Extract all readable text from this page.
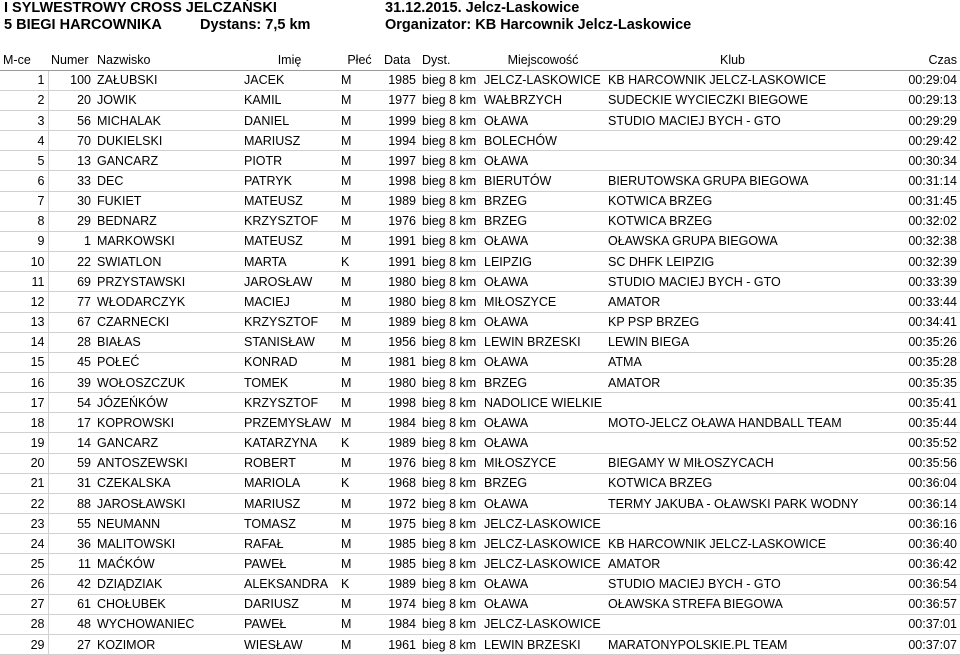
I SYLWESTROWY CROSS JELCZAŃSKI	31.12.2015. Jelcz-Laskowice
5 BIEGI HARCOWNIKA	Dystans: 7,5 km	Organizator: KB Harcownik Jelcz-Laskowice
M-ce	Numer	Nazwisko	Imię	Płeć	Data	Dyst.	Miejscowość	Klub	Czas
1	100	ZAŁUBSKI	JACEK	M	1985	bieg 8 km	JELCZ-LASKOWICE	KB HARCOWNIK JELCZ-LASKOWICE	00:29:04
2	20	JOWIK	KAMIL	M	1977	bieg 8 km	WAŁBRZYCH	SUDECKIE WYCIECZKI BIEGOWE	00:29:13
3	56	MICHALAK	DANIEL	M	1999	bieg 8 km	OŁAWA	STUDIO MACIEJ BYCH - GTO	00:29:29
4	70	DUKIELSKI	MARIUSZ	M	1994	bieg 8 km	BOLECHÓW		00:29:42
5	13	GANCARZ	PIOTR	M	1997	bieg 8 km	OŁAWA		00:30:34
6	33	DEC	PATRYK	M	1998	bieg 8 km	BIERUTÓW	BIERUTOWSKA GRUPA BIEGOWA	00:31:14
7	30	FUKIET	MATEUSZ	M	1989	bieg 8 km	BRZEG	KOTWICA BRZEG	00:31:45
8	29	BEDNARZ	KRZYSZTOF	M	1976	bieg 8 km	BRZEG	KOTWICA BRZEG	00:32:02
9	1	MARKOWSKI	MATEUSZ	M	1991	bieg 8 km	OŁAWA	OŁAWSKA GRUPA BIEGOWA	00:32:38
10	22	SWIATLON	MARTA	K	1991	bieg 8 km	LEIPZIG	SC DHFK LEIPZIG	00:32:39
11	69	PRZYSTAWSKI	JAROSŁAW	M	1980	bieg 8 km	OŁAWA	STUDIO MACIEJ BYCH - GTO	00:33:39
12	77	WŁODARCZYK	MACIEJ	M	1980	bieg 8 km	MIŁOSZYCE	AMATOR	00:33:44
13	67	CZARNECKI	KRZYSZTOF	M	1989	bieg 8 km	OŁAWA	KP PSP BRZEG	00:34:41
14	28	BIAŁAS	STANISŁAW	M	1956	bieg 8 km	LEWIN BRZESKI	LEWIN BIEGA	00:35:26
15	45	POŁEĆ	KONRAD	M	1981	bieg 8 km	OŁAWA	ATMA	00:35:28
16	39	WOŁOSZCZUK	TOMEK	M	1980	bieg 8 km	BRZEG	AMATOR	00:35:35
17	54	JÓZEŃKÓW	KRZYSZTOF	M	1998	bieg 8 km	NADOLICE WIELKIE		00:35:41
18	17	KOPROWSKI	PRZEMYSŁAW	M	1984	bieg 8 km	OŁAWA	MOTO-JELCZ OŁAWA HANDBALL TEAM	00:35:44
19	14	GANCARZ	KATARZYNA	K	1989	bieg 8 km	OŁAWA		00:35:52
20	59	ANTOSZEWSKI	ROBERT	M	1976	bieg 8 km	MIŁOSZYCE	BIEGAMY W MIŁOSZYCACH	00:35:56
21	31	CZEKALSKA	MARIOLA	K	1968	bieg 8 km	BRZEG	KOTWICA BRZEG	00:36:04
22	88	JAROSŁAWSKI	MARIUSZ	M	1972	bieg 8 km	OŁAWA	TERMY JAKUBA - OŁAWSKI PARK WODNY	00:36:14
23	55	NEUMANN	TOMASZ	M	1975	bieg 8 km	JELCZ-LASKOWICE		00:36:16
24	36	MALITOWSKI	RAFAŁ	M	1985	bieg 8 km	JELCZ-LASKOWICE	KB HARCOWNIK JELCZ-LASKOWICE	00:36:40
25	11	MAĆKÓW	PAWEŁ	M	1985	bieg 8 km	JELCZ-LASKOWICE	AMATOR	00:36:42
26	42	DZIĄDZIAK	ALEKSANDRA	K	1989	bieg 8 km	OŁAWA	STUDIO MACIEJ BYCH - GTO	00:36:54
27	61	CHOŁUBEK	DARIUSZ	M	1974	bieg 8 km	OŁAWA	OŁAWSKA STREFA BIEGOWA	00:36:57
28	48	WYCHOWANIEC	PAWEŁ	M	1984	bieg 8 km	JELCZ-LASKOWICE		00:37:01
29	27	KOZIMOR	WIESŁAW	M	1961	bieg 8 km	LEWIN BRZESKI	MARATONYPOLSKIE.PL TEAM	00:37:07
